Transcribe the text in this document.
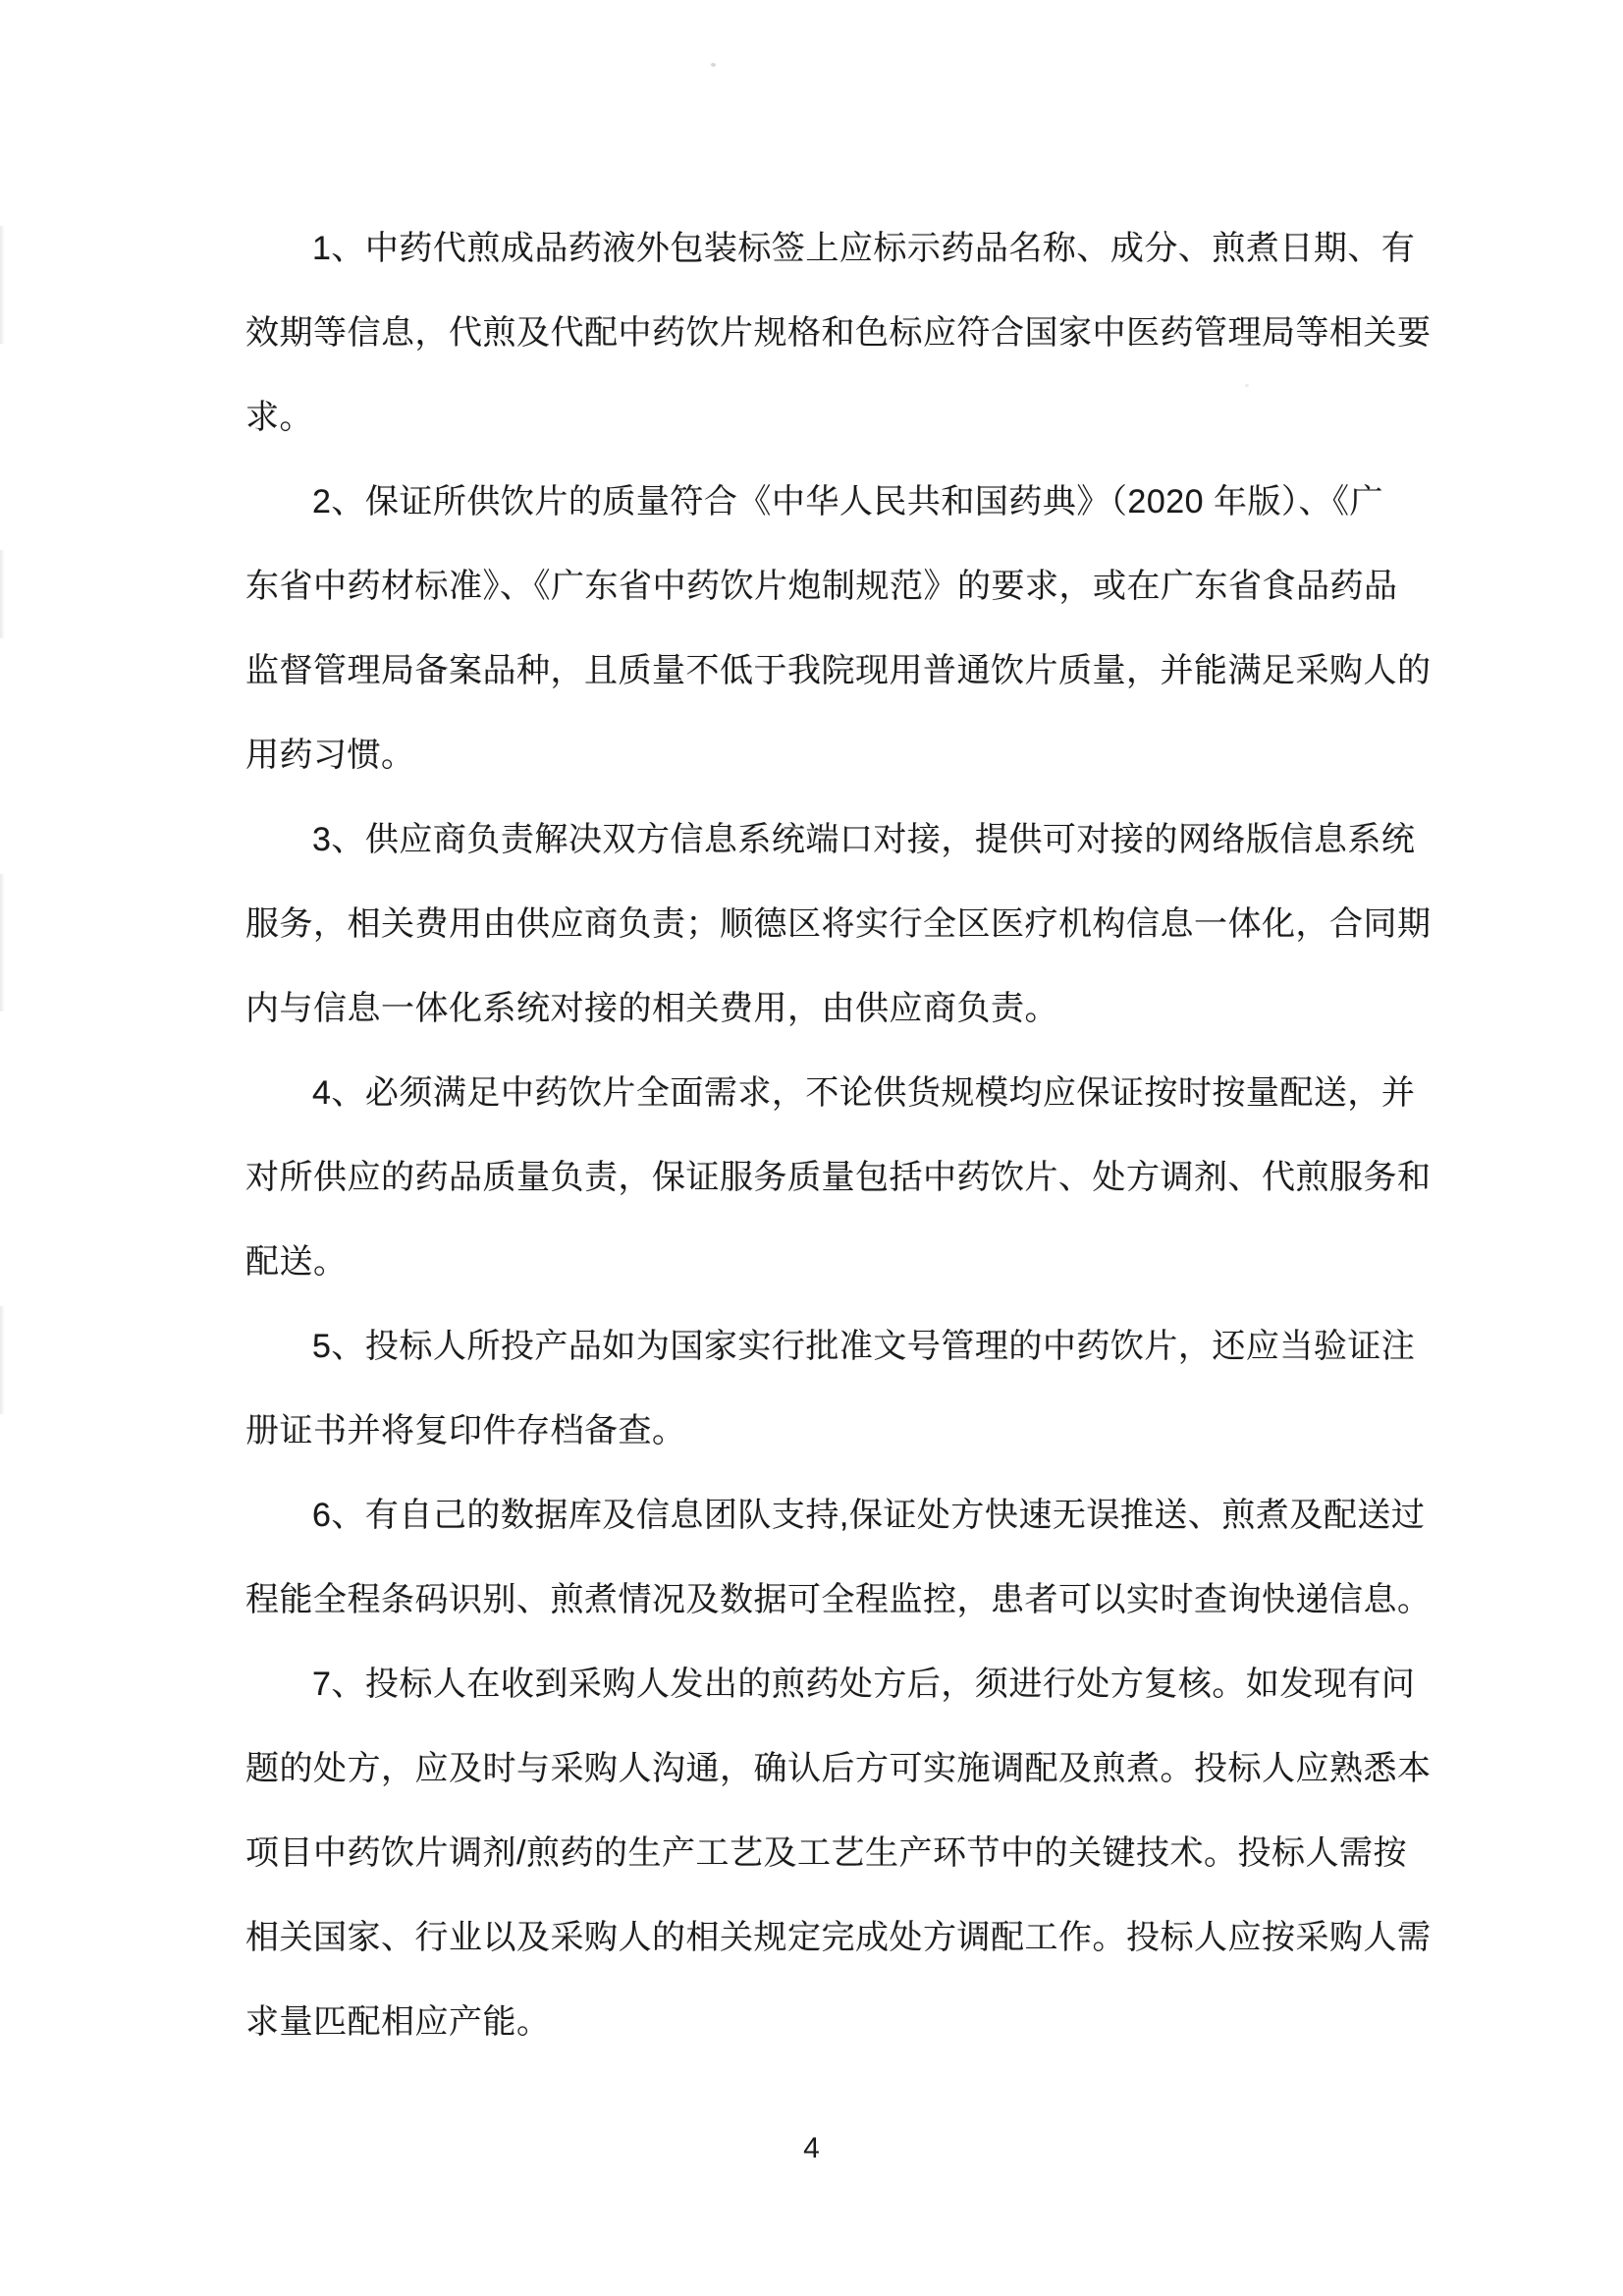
1、中药代煎成品药液外包装标签上应标示药品名称、成分、煎煮日期、有
效期等信息，代煎及代配中药饮片规格和色标应符合国家中医药管理局等相关要
求。
2、保证所供饮片的质量符合《中华人民共和国药典》（2020 年版）、《广
东省中药材标准》、《广东省中药饮片炮制规范》的要求，或在广东省食品药品
监督管理局备案品种，且质量不低于我院现用普通饮片质量，并能满足采购人的
用药习惯。
3、供应商负责解决双方信息系统端口对接，提供可对接的网络版信息系统
服务，相关费用由供应商负责；顺德区将实行全区医疗机构信息一体化，合同期
内与信息一体化系统对接的相关费用，由供应商负责。
4、必须满足中药饮片全面需求，不论供货规模均应保证按时按量配送，并
对所供应的药品质量负责，保证服务质量包括中药饮片、处方调剂、代煎服务和
配送。
5、投标人所投产品如为国家实行批准文号管理的中药饮片，还应当验证注
册证书并将复印件存档备查。
6、有自己的数据库及信息团队支持,保证处方快速无误推送、煎煮及配送过
程能全程条码识别、煎煮情况及数据可全程监控，患者可以实时查询快递信息。
7、投标人在收到采购人发出的煎药处方后，须进行处方复核。如发现有问
题的处方，应及时与采购人沟通，确认后方可实施调配及煎煮。投标人应熟悉本
项目中药饮片调剂/煎药的生产工艺及工艺生产环节中的关键技术。投标人需按
相关国家、行业以及采购人的相关规定完成处方调配工作。投标人应按采购人需
求量匹配相应产能。
4
